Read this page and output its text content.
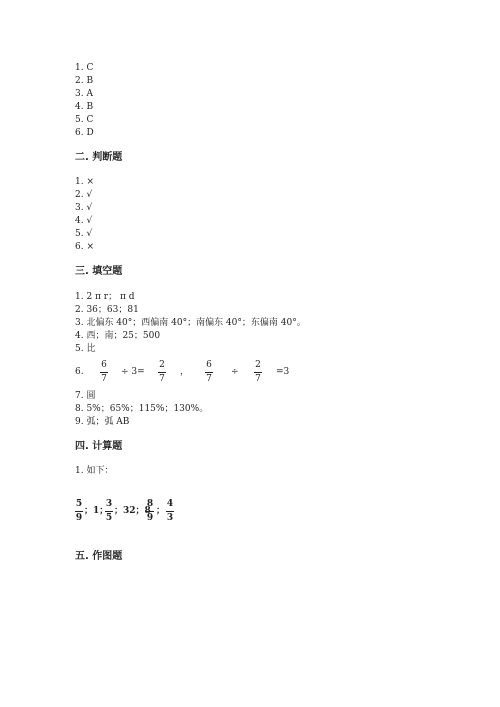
1. C
2. B
3. A
4. B
5. C
6. D
二. 判断题
1. ×
2. √
3. √
4. √
5. √
6. ×
三. 填空题
1. 2 π r； π d
2. 36；63；81
3. 北偏东 40°；西偏南 40°；南偏东 40°；东偏南 40°。
4. 西；南；25；500
5. 比
6.
6
7
÷ 3=
2
7
，
6
7
÷
2
7
=3
7. 圆
8. 5%；65%；115%；130%。
9. 弧；弧 AB
四. 计算题
1. 如下：
5
9
；1；
3
5
；32；8
8
9
；
4
3
五. 作图题
